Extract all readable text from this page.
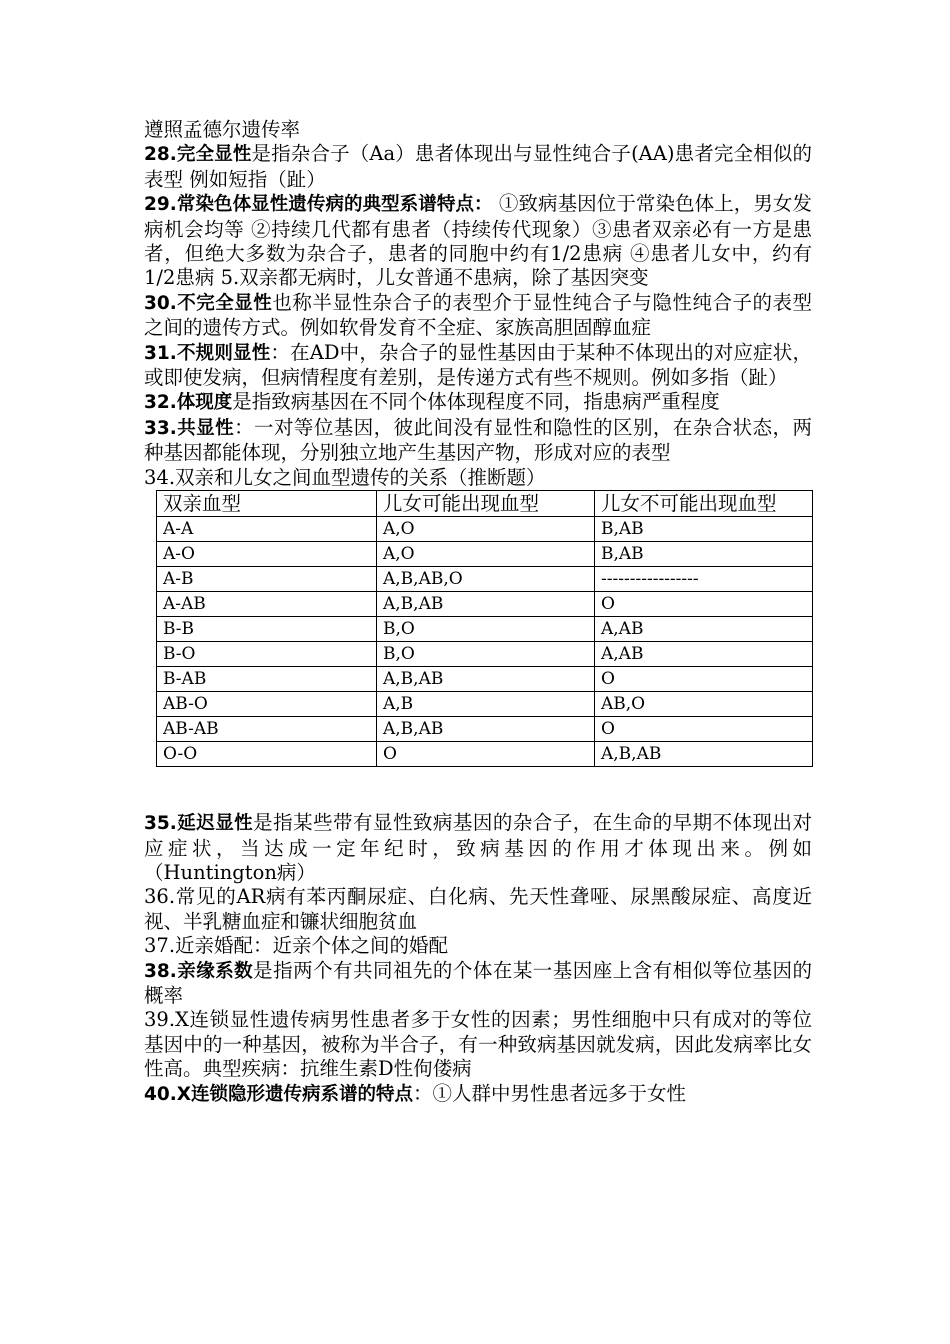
遵照孟德尔遗传率

28.完全显性是指杂合子（Aa）患者体现出与显性纯合子(AA)患者完全相似的表型 例如短指（趾）

29.常染色体显性遗传病的典型系谱特点： ①致病基因位于常染色体上，男女发病机会均等 ②持续几代都有患者（持续传代现象）③患者双亲必有一方是患者，但绝大多数为杂合子，患者的同胞中约有1/2患病 ④患者儿女中，约有1/2患病 5.双亲都无病时，儿女普通不患病，除了基因突变

30.不完全显性也称半显性杂合子的表型介于显性纯合子与隐性纯合子的表型之间的遗传方式。例如软骨发育不全症、家族高胆固醇血症

31.不规则显性：在AD中，杂合子的显性基因由于某种不体现出的对应症状，或即使发病，但病情程度有差别，是传递方式有些不规则。例如多指（趾）

32.体现度是指致病基因在不同个体体现程度不同，指患病严重程度

33.共显性：一对等位基因，彼此间没有显性和隐性的区别，在杂合状态，两种基因都能体现，分别独立地产生基因产物，形成对应的表型

34.双亲和儿女之间血型遗传的关系（推断题）

双亲血型	儿女可能出现血型	儿女不可能出现血型
A-A	A,O	B,AB
A-O	A,O	B,AB
A-B	A,B,AB,O	-----------------
A-AB	A,B,AB	O
B-B	B,O	A,AB
B-O	B,O	A,AB
B-AB	A,B,AB	O
AB-O	A,B	AB,O
AB-AB	A,B,AB	O
O-O	O	A,B,AB

35.延迟显性是指某些带有显性致病基因的杂合子，在生命的早期不体现出对应症状，当达成一定年纪时，致病基因的作用才体现出来。例如（Huntington病）

36.常见的AR病有苯丙酮尿症、白化病、先天性聋哑、尿黑酸尿症、高度近视、半乳糖血症和镰状细胞贫血

37.近亲婚配：近亲个体之间的婚配

38.亲缘系数是指两个有共同祖先的个体在某一基因座上含有相似等位基因的概率

39.X连锁显性遗传病男性患者多于女性的因素；男性细胞中只有成对的等位基因中的一种基因，被称为半合子，有一种致病基因就发病，因此发病率比女性高。典型疾病：抗维生素D性佝偻病

40.X连锁隐形遗传病系谱的特点：①人群中男性患者远多于女性
